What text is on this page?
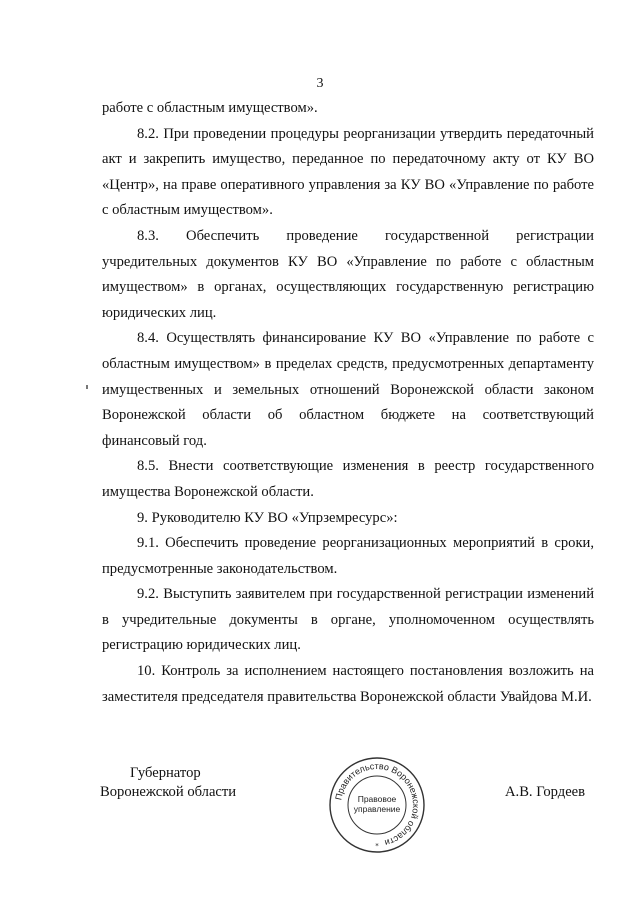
3

работе с областным имуществом».

8.2. При проведении процедуры реорганизации утвердить передаточный акт и закрепить имущество, переданное по передаточному акту от КУ ВО «Центр», на праве оперативного управления за КУ ВО «Управление по работе с областным имуществом».

8.3. Обеспечить проведение государственной регистрации учредительных документов КУ ВО «Управление по работе с областным имуществом» в органах, осуществляющих государственную регистрацию юридических лиц.

8.4. Осуществлять финансирование КУ ВО «Управление по работе с областным имуществом» в пределах средств, предусмотренных департаменту имущественных и земельных отношений Воронежской области законом Воронежской области об областном бюджете на соответствующий финансовый год.

8.5. Внести соответствующие изменения в реестр государственного имущества Воронежской области.

9. Руководителю КУ ВО «Упрземресурс»:

9.1. Обеспечить проведение реорганизационных мероприятий в сроки, предусмотренные законодательством.

9.2. Выступить заявителем при государственной регистрации изменений в учредительные документы в органе, уполномоченном осуществлять регистрацию юридических лиц.

10. Контроль за исполнением настоящего постановления возложить на заместителя председателя правительства Воронежской области Увайдова М.И.

Губернатор
Воронежской области	Правительство Воронежской области
Правовое
управление
*
А.В. Гордеев
